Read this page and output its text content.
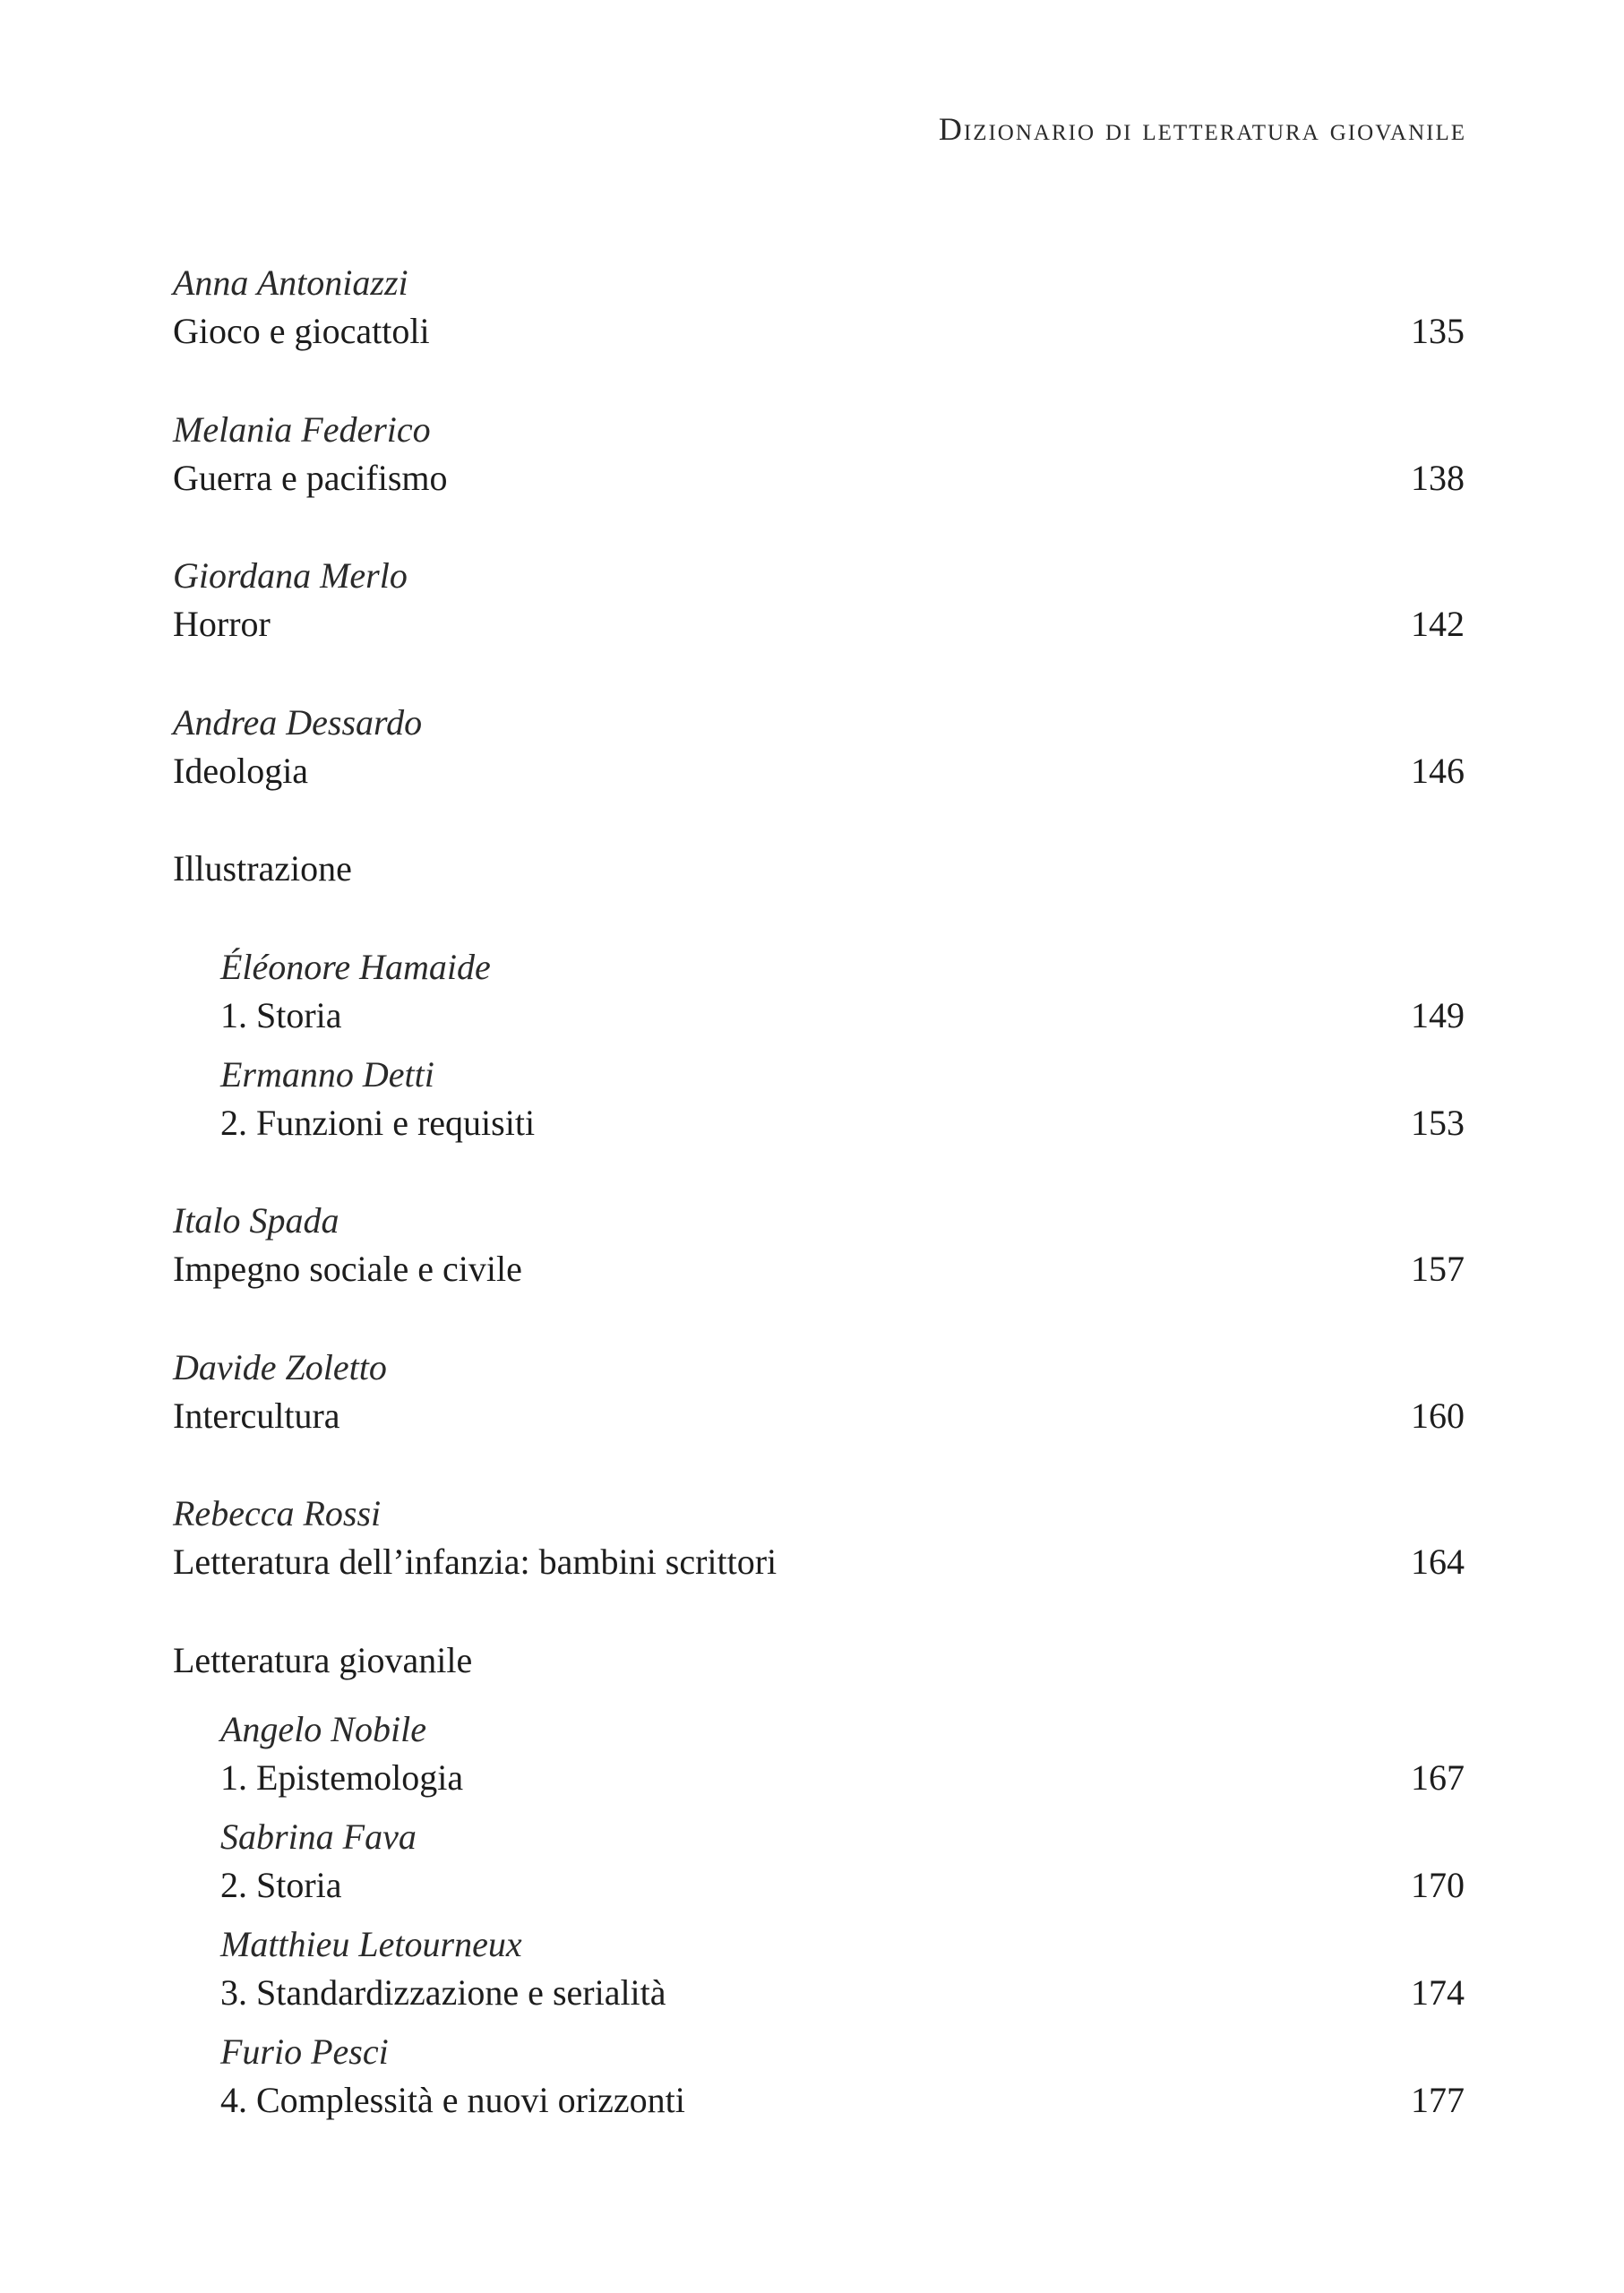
Dizionario di letteratura giovanile
Anna Antoniazzi
Gioco e giocattoli	135
Melania Federico
Guerra e pacifismo	138
Giordana Merlo
Horror	142
Andrea Dessardo
Ideologia	146
Illustrazione
Éléonore Hamaide
1. Storia	149
Ermanno Detti
2. Funzioni e requisiti	153
Italo Spada
Impegno sociale e civile	157
Davide Zoletto
Intercultura	160
Rebecca Rossi
Letteratura dell’infanzia: bambini scrittori	164
Letteratura giovanile
Angelo Nobile
1. Epistemologia	167
Sabrina Fava
2. Storia	170
Matthieu Letourneux
3. Standardizzazione e serialità	174
Furio Pesci
4. Complessità e nuovi orizzonti	177
